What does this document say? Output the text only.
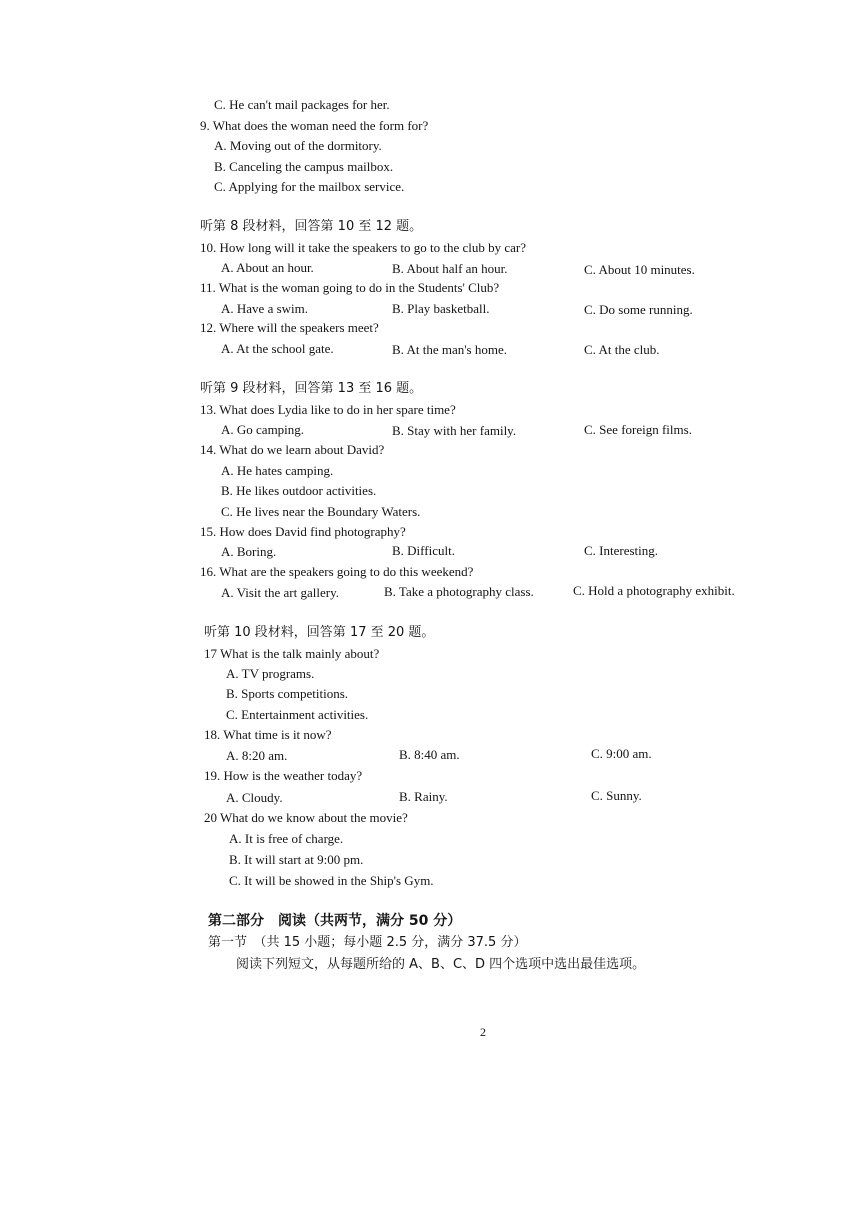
C. He can't mail packages for her.
9. What does the woman need the form for?
A. Moving out of the dormitory.
B. Canceling the campus mailbox.
C. Applying for the mailbox service.
听第 8 段材料，回答第 10 至 12 题。
10. How long will it take the speakers to go to the club by car?
A. About an hour.	B. About half an hour.	C. About 10 minutes.
11. What is the woman going to do in the Students' Club?
A. Have a swim.	B. Play basketball.	C. Do some running.
12. Where will the speakers meet?
A. At the school gate.	B. At the man's home.	C. At the club.
听第 9 段材料，回答第 13 至 16 题。
13. What does Lydia like to do in her spare time?
A. Go camping.	B. Stay with her family.	C. See foreign films.
14. What do we learn about David?
A. He hates camping.
B. He likes outdoor activities.
C. He lives near the Boundary Waters.
15. How does David find photography?
A. Boring.	B. Difficult.	C. Interesting.
16. What are the speakers going to do this weekend?
A. Visit the art gallery.	B. Take a photography class.	C. Hold a photography exhibit.
听第 10 段材料，回答第 17 至 20 题。
17 What is the talk mainly about?
A. TV programs.
B. Sports competitions.
C. Entertainment activities.
18. What time is it now?
A. 8:20 am.	B. 8:40 am.	C. 9:00 am.
19. How is the weather today?
A. Cloudy.	B. Rainy.	C. Sunny.
20 What do we know about the movie?
A. It is free of charge.
B. It will start at 9:00 pm.
C. It will be showed in the Ship's Gym.
第二部分　阅读（共两节，满分 50 分）
第一节　（共 15 小题；每小题 2.5 分，满分 37.5 分）
阅读下列短文，从每题所给的 A、B、C、D 四个选项中选出最佳选项。
2
